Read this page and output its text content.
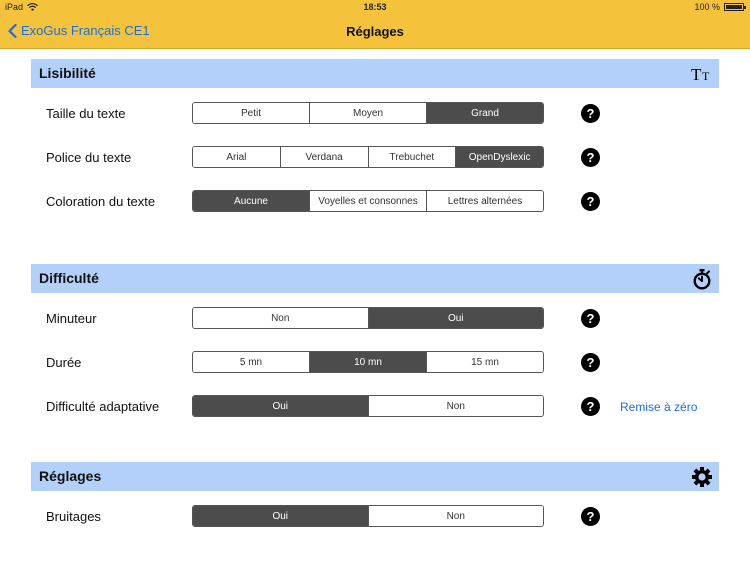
iPad	18:53	100 %
ExoGus Français CE1	Réglages
Lisibilité	T T
Taille du texte	Petit	Moyen	Grand	?
Police du texte	Arial	Verdana	Trebuchet	OpenDyslexic	?
Coloration du texte	Aucune	Voyelles et consonnes	Lettres alternées	?
Difficulté
Minuteur	Non	Oui	?
Durée	5 mn	10 mn	15 mn	?
Difficulté adaptative	Oui	Non	?	Remise à zéro
Réglages
Bruitages	Oui	Non	?
